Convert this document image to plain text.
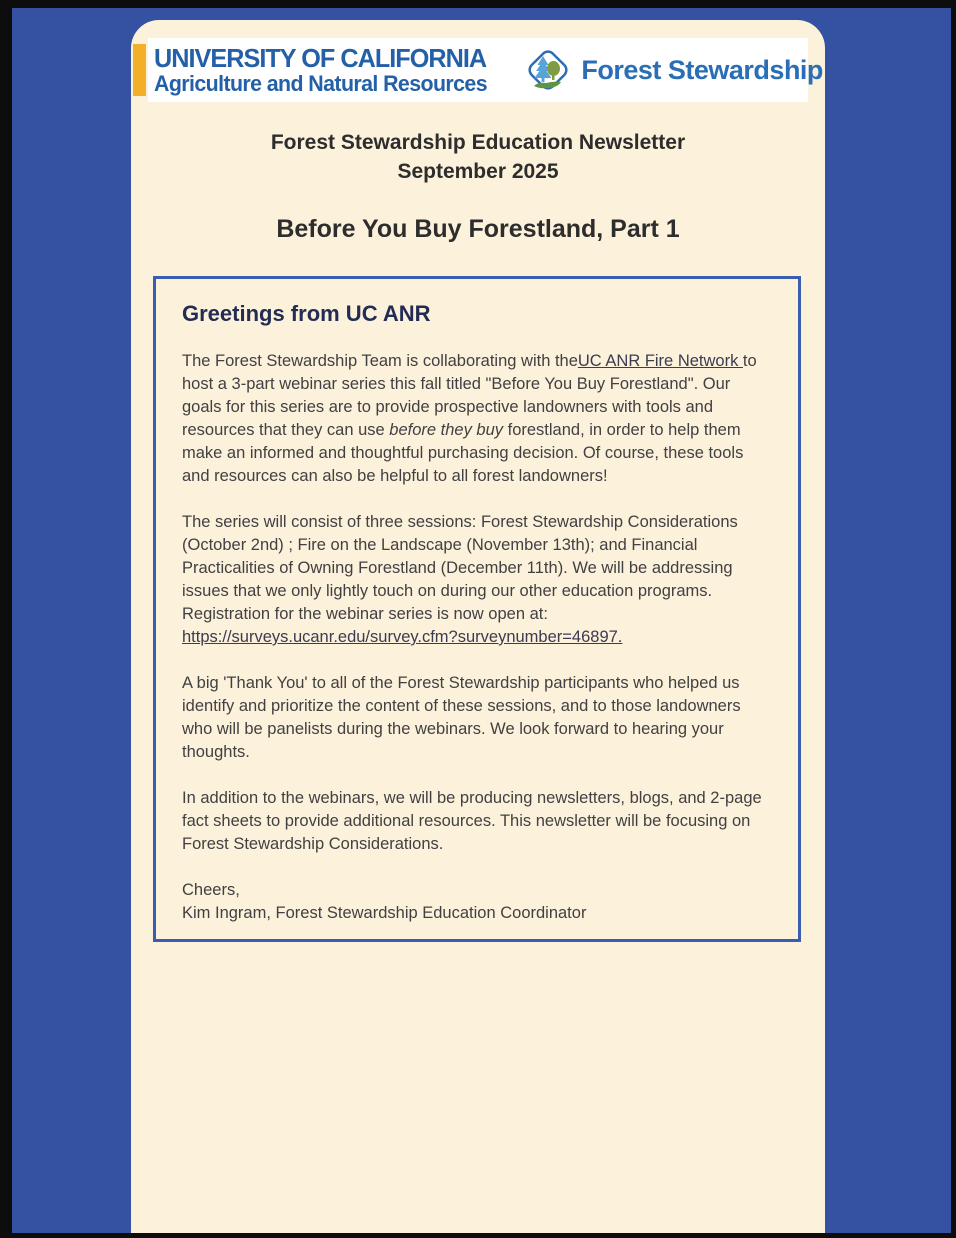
UNIVERSITY OF CALIFORNIA
Agriculture and Natural Resources	Forest Stewardship
Forest Stewardship Education Newsletter
September 2025
Before You Buy Forestland, Part 1
Greetings from UC ANR

The Forest Stewardship Team is collaborating with theUC ANR Fire Network to host a 3-part webinar series this fall titled "Before You Buy Forestland". Our goals for this series are to provide prospective landowners with tools and resources that they can use before they buy forestland, in order to help them make an informed and thoughtful purchasing decision. Of course, these tools and resources can also be helpful to all forest landowners!

The series will consist of three sessions: Forest Stewardship Considerations (October 2nd) ; Fire on the Landscape (November 13th); and Financial Practicalities of Owning Forestland (December 11th). We will be addressing issues that we only lightly touch on during our other education programs. Registration for the webinar series is now open at: https://surveys.ucanr.edu/survey.cfm?surveynumber=46897.

A big 'Thank You' to all of the Forest Stewardship participants who helped us identify and prioritize the content of these sessions, and to those landowners who will be panelists during the webinars. We look forward to hearing your thoughts.

In addition to the webinars, we will be producing newsletters, blogs, and 2-page fact sheets to provide additional resources. This newsletter will be focusing on Forest Stewardship Considerations.

Cheers,
Kim Ingram, Forest Stewardship Education Coordinator
